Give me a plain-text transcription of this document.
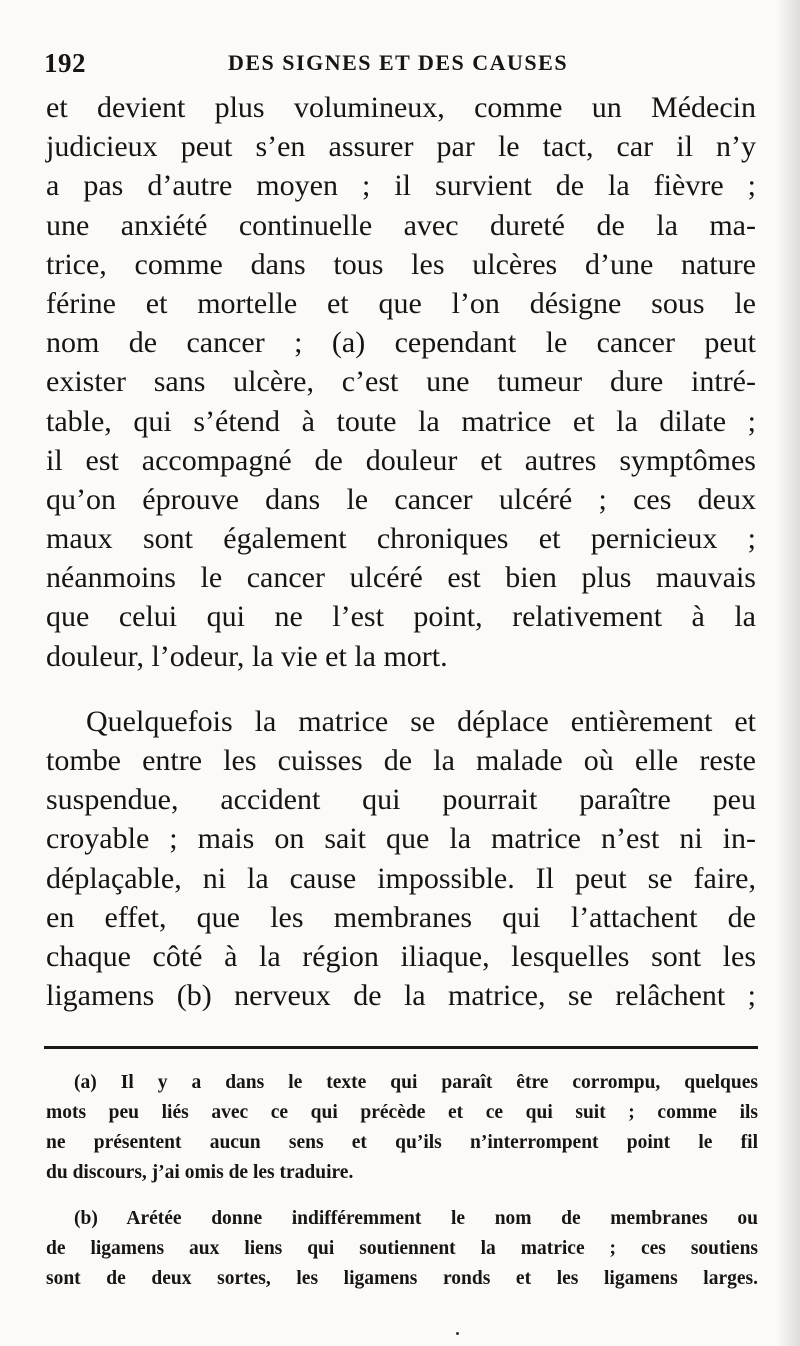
192	DES SIGNES ET DES CAUSES
et devient plus volumineux, comme un Médecin
judicieux peut s’en assurer par le tact, car il n’y
a pas d’autre moyen ; il survient de la fièvre ;
une anxiété continuelle avec dureté de la ma-
trice, comme dans tous les ulcères d’une nature
férine et mortelle et que l’on désigne sous le
nom de cancer ; (a) cependant le cancer peut
exister sans ulcère, c’est une tumeur dure intré-
table, qui s’étend à toute la matrice et la dilate ;
il est accompagné de douleur et autres symptômes
qu’on éprouve dans le cancer ulcéré ; ces deux
maux sont également chroniques et pernicieux ;
néanmoins le cancer ulcéré est bien plus mauvais
que celui qui ne l’est point, relativement à la
douleur, l’odeur, la vie et la mort.
Quelquefois la matrice se déplace entièrement et
tombe entre les cuisses de la malade où elle reste
suspendue, accident qui pourrait paraître peu
croyable ; mais on sait que la matrice n’est ni in-
déplaçable, ni la cause impossible. Il peut se faire,
en effet, que les membranes qui l’attachent de
chaque côté à la région iliaque, lesquelles sont les
ligamens (b) nerveux de la matrice, se relâchent ;
(a) Il y a dans le texte qui paraît être corrompu, quelques
mots peu liés avec ce qui précède et ce qui suit ; comme ils
ne présentent aucun sens et qu’ils n’interrompent point le fil
du discours, j’ai omis de les traduire.
(b) Arétée donne indifféremment le nom de membranes ou
de ligamens aux liens qui soutiennent la matrice ; ces soutiens
sont de deux sortes, les ligamens ronds et les ligamens larges.
